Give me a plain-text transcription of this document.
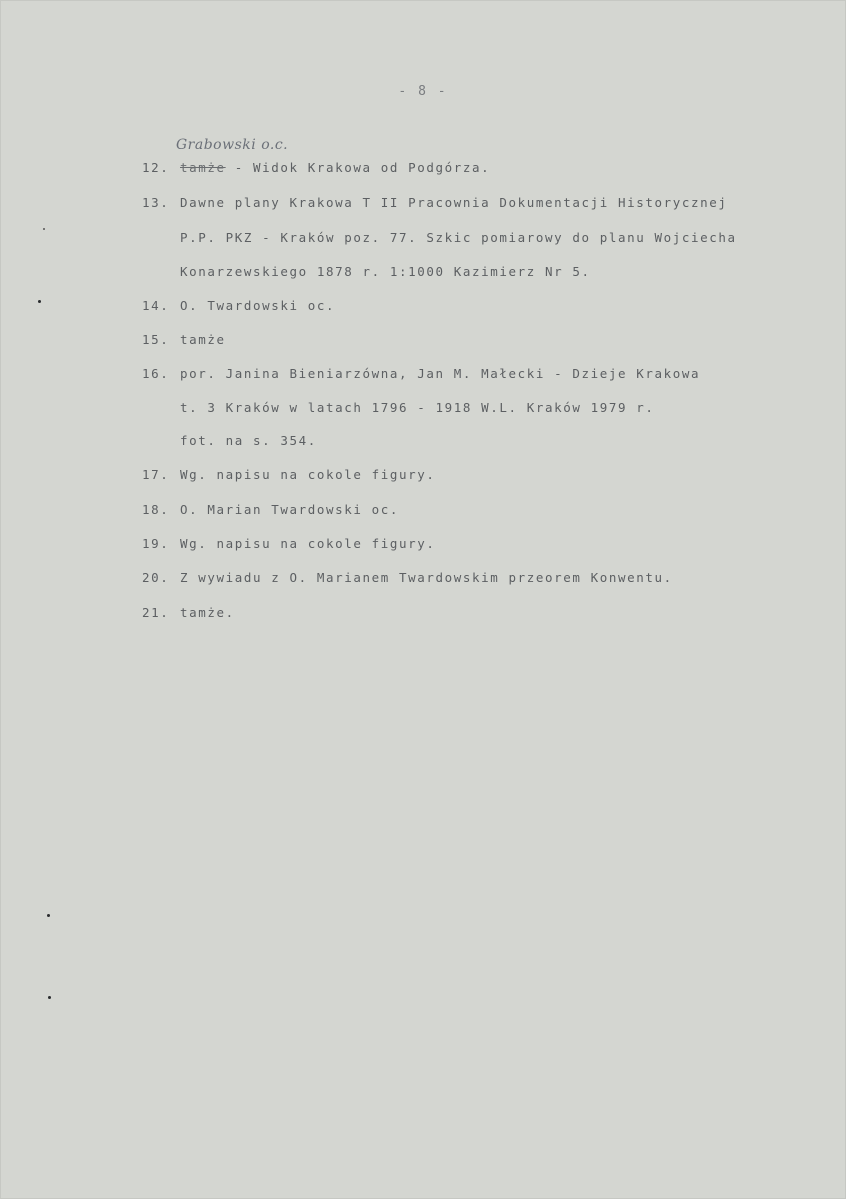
- 8 -
Grabowski o.c.
12. tamże - Widok Krakowa od Podgórza.
13. Dawne plany Krakowa T II Pracownia Dokumentacji Historycznej
P.P. PKZ - Kraków poz. 77. Szkic pomiarowy do planu Wojciecha
Konarzewskiego 1878 r. 1:1000 Kazimierz Nr 5.
14. O. Twardowski oc.
15. tamże
16. por. Janina Bieniarzówna, Jan M. Małecki - Dzieje Krakowa
t. 3 Kraków w latach 1796 - 1918 W.L. Kraków 1979 r.
fot. na s. 354.
17. Wg. napisu na cokole figury.
18. O. Marian Twardowski oc.
19. Wg. napisu na cokole figury.
20. Z wywiadu z O. Marianem Twardowskim przeorem Konwentu.
21. tamże.
